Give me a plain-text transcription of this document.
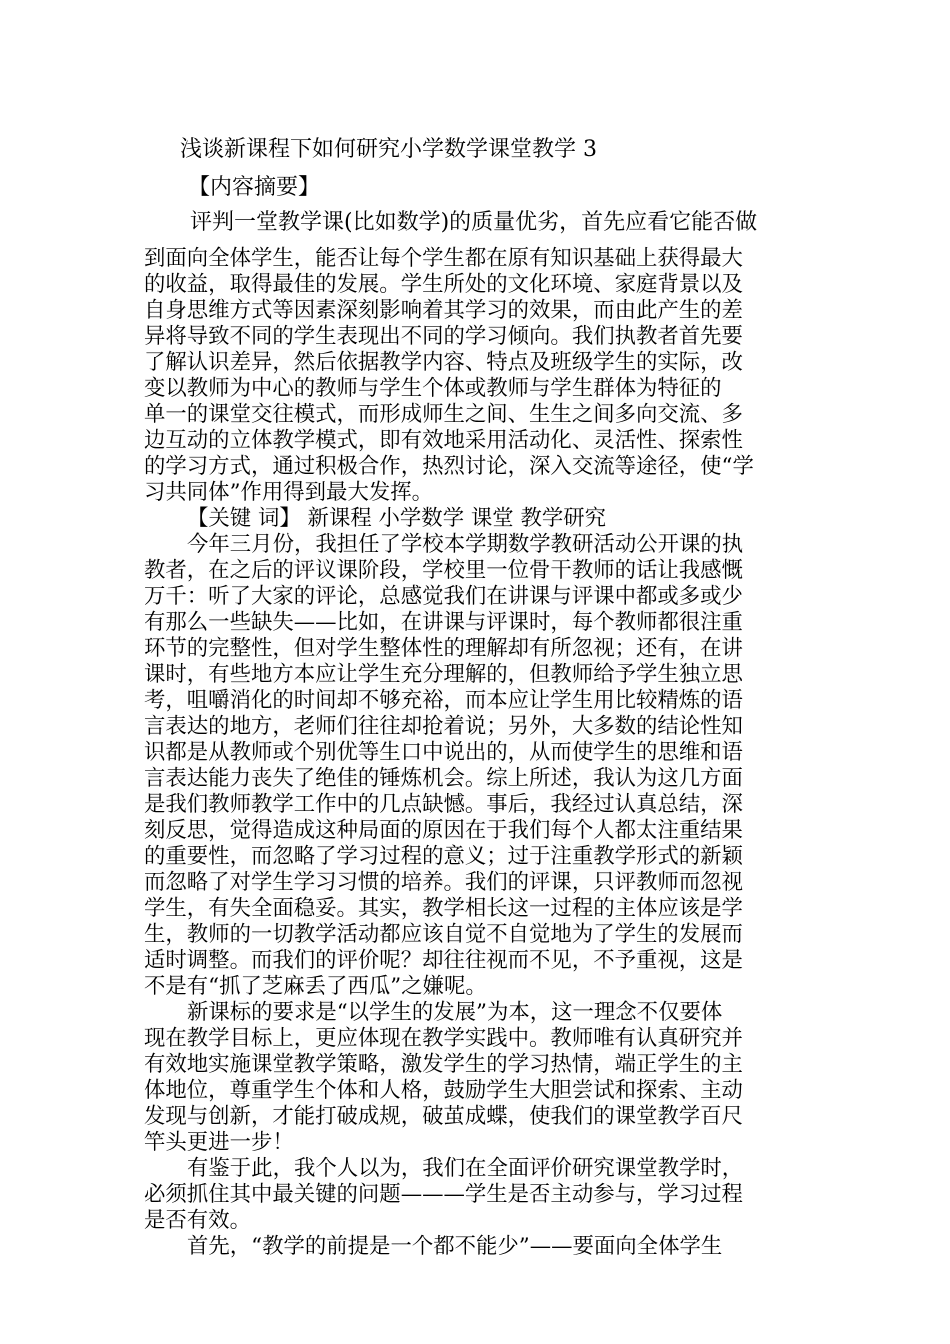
浅谈新课程下如何研究小学数学课堂教学 3
【内容摘要】
评判一堂教学课(比如数学)的质量优劣，首先应看它能否做
到面向全体学生，能否让每个学生都在原有知识基础上获得最大
的收益，取得最佳的发展。学生所处的文化环境、家庭背景以及
自身思维方式等因素深刻影响着其学习的效果，而由此产生的差
异将导致不同的学生表现出不同的学习倾向。我们执教者首先要
了解认识差异，然后依据教学内容、特点及班级学生的实际，改
变以教师为中心的教师与学生个体或教师与学生群体为特征的
单一的课堂交往模式，而形成师生之间、生生之间多向交流、多
边互动的立体教学模式，即有效地采用活动化、灵活性、探索性
的学习方式，通过积极合作，热烈讨论，深入交流等途径，使“学
习共同体”作用得到最大发挥。
【关键 词】 新课程 小学数学 课堂 教学研究
今年三月份，我担任了学校本学期数学教研活动公开课的执
教者，在之后的评议课阶段，学校里一位骨干教师的话让我感慨
万千：听了大家的评论，总感觉我们在讲课与评课中都或多或少
有那么一些缺失——比如，在讲课与评课时，每个教师都很注重
环节的完整性，但对学生整体性的理解却有所忽视；还有，在讲
课时，有些地方本应让学生充分理解的，但教师给予学生独立思
考，咀嚼消化的时间却不够充裕，而本应让学生用比较精炼的语
言表达的地方，老师们往往却抢着说；另外，大多数的结论性知
识都是从教师或个别优等生口中说出的，从而使学生的思维和语
言表达能力丧失了绝佳的锤炼机会。综上所述，我认为这几方面
是我们教师教学工作中的几点缺憾。事后，我经过认真总结，深
刻反思，觉得造成这种局面的原因在于我们每个人都太注重结果
的重要性，而忽略了学习过程的意义；过于注重教学形式的新颖
而忽略了对学生学习习惯的培养。我们的评课，只评教师而忽视
学生，有失全面稳妥。其实，教学相长这一过程的主体应该是学
生，教师的一切教学活动都应该自觉不自觉地为了学生的发展而
适时调整。而我们的评价呢？却往往视而不见，不予重视，这是
不是有“抓了芝麻丢了西瓜”之嫌呢。
新课标的要求是“以学生的发展”为本，这一理念不仅要体
现在教学目标上，更应体现在教学实践中。教师唯有认真研究并
有效地实施课堂教学策略，激发学生的学习热情，端正学生的主
体地位，尊重学生个体和人格，鼓励学生大胆尝试和探索、主动
发现与创新，才能打破成规，破茧成蝶，使我们的课堂教学百尺
竿头更进一步！
有鉴于此，我个人以为，我们在全面评价研究课堂教学时，
必须抓住其中最关键的问题———学生是否主动参与，学习过程
是否有效。
首先，“教学的前提是一个都不能少”——要面向全体学生
